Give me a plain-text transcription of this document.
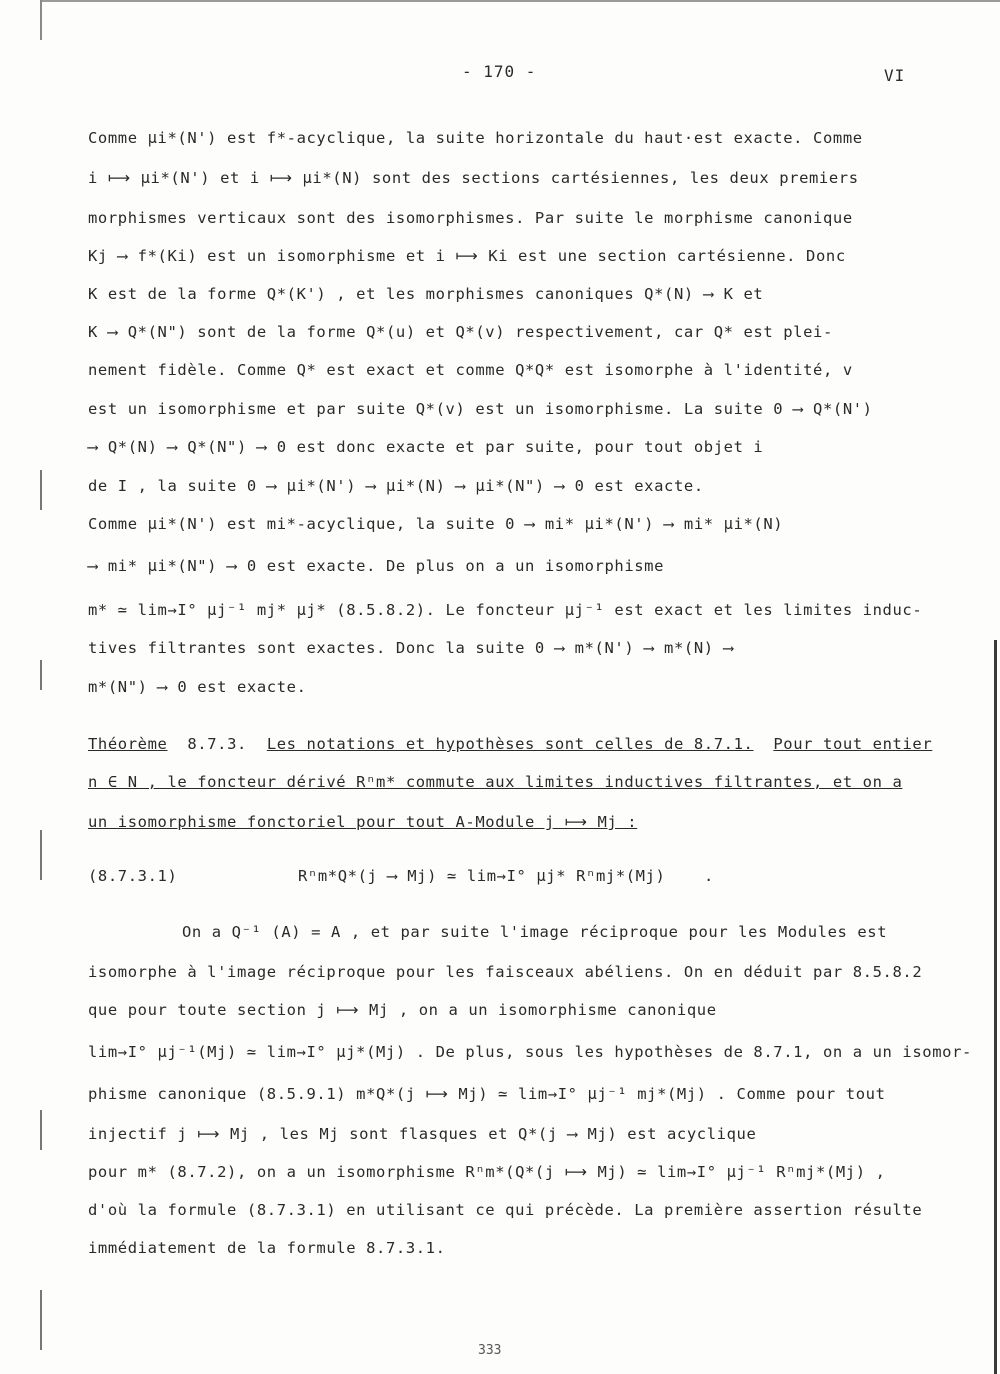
- 170 -	VI
Comme μi*(N') est f*-acyclique, la suite horizontale du haut·est exacte. Comme
i ⟼ μi*(N') et i ⟼ μi*(N) sont des sections cartésiennes, les deux premiers
morphismes verticaux sont des isomorphismes. Par suite le morphisme canonique
Kj ⟶ f*(Ki) est un isomorphisme et i ⟼ Ki est une section cartésienne. Donc
K est de la forme Q*(K') , et les morphismes canoniques Q*(N) ⟶ K et
K ⟶ Q*(N") sont de la forme Q*(u) et Q*(v) respectivement, car Q* est plei-
nement fidèle. Comme Q* est exact et comme Q*Q* est isomorphe à l'identité, v
est un isomorphisme et par suite Q*(v) est un isomorphisme. La suite 0 ⟶ Q*(N')
⟶ Q*(N) ⟶ Q*(N") ⟶ 0 est donc exacte et par suite, pour tout objet i
de I , la suite 0 ⟶ μi*(N') ⟶ μi*(N) ⟶ μi*(N") ⟶ 0 est exacte.
Comme μi*(N') est mi*-acyclique, la suite 0 ⟶ mi* μi*(N') ⟶ mi* μi*(N)
⟶ mi* μi*(N") ⟶ 0 est exacte. De plus on a un isomorphisme
m* ≃ lim→I° μj⁻¹ mj* μj* (8.5.8.2). Le foncteur μj⁻¹ est exact et les limites induc-
tives filtrantes sont exactes. Donc la suite 0 ⟶ m*(N') ⟶ m*(N) ⟶
m*(N") ⟶ 0 est exacte.
Théorème 8.7.3. Les notations et hypothèses sont celles de 8.7.1. Pour tout entier
n ∈ N , le foncteur dérivé Rⁿm* commute aux limites inductives filtrantes, et on a
un isomorphisme fonctoriel pour tout A-Module j ⟼ Mj :
(8.7.3.1)	Rⁿm*Q*(j ⟶ Mj) ≃ lim→I° μj* Rⁿmj*(Mj) .
On a Q⁻¹ (A) = A , et par suite l'image réciproque pour les Modules est
isomorphe à l'image réciproque pour les faisceaux abéliens. On en déduit par 8.5.8.2
que pour toute section j ⟼ Mj , on a un isomorphisme canonique
lim→I° μj⁻¹(Mj) ≃ lim→I° μj*(Mj) . De plus, sous les hypothèses de 8.7.1, on a un isomor-
phisme canonique (8.5.9.1) m*Q*(j ⟼ Mj) ≃ lim→I° μj⁻¹ mj*(Mj) . Comme pour tout
injectif j ⟼ Mj , les Mj sont flasques et Q*(j ⟶ Mj) est acyclique
pour m* (8.7.2), on a un isomorphisme Rⁿm*(Q*(j ⟼ Mj) ≃ lim→I° μj⁻¹ Rⁿmj*(Mj) ,
d'où la formule (8.7.3.1) en utilisant ce qui précède. La première assertion résulte
immédiatement de la formule 8.7.3.1.
333
